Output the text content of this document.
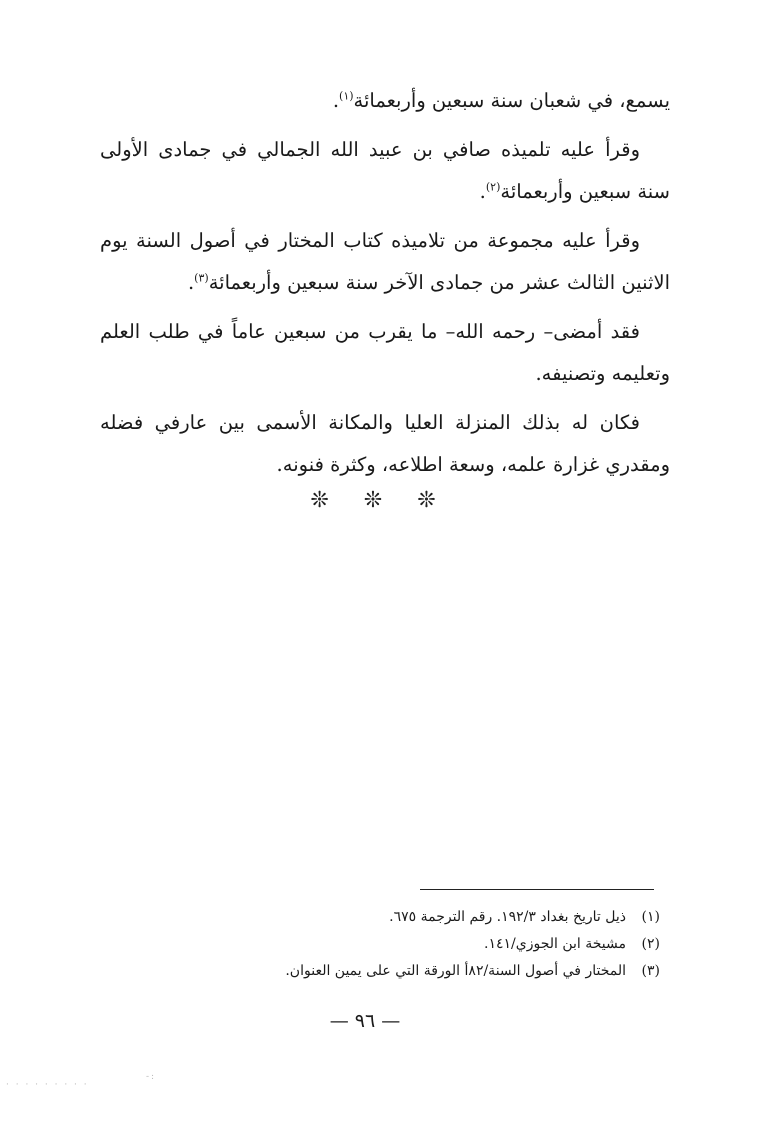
يسمع، في شعبان سنة سبعين وأربعمائة$^{(١)}$.

وقرأ عليه تلميذه صافي بن عبيد الله الجمالي في جمادى الأولى سنة سبعين وأربعمائة$^{(٢)}$.

وقرأ عليه مجموعة من تلاميذه كتاب المختار في أصول السنة يوم الاثنين الثالث عشر من جمادى الآخر سنة سبعين وأربعمائة$^{(٣)}$.

فقد أمضى– رحمه الله– ما يقرب من سبعين عاماً في طلب العلم وتعليمه وتصنيفه.

فكان له بذلك المنزلة العليا والمكانة الأسمى بين عارفي فضله ومقدري غزارة علمه، وسعة اطلاعه، وكثرة فنونه.

❊ ❊ ❊
(١)
ذيل تاريخ بغداد ١٩٢/٣. رقم الترجمة ٦٧٥.
(٢)
مشيخة ابن الجوزي/١٤١.
(٣)
المختار في أصول السنة/٨٢أ الورقة التي على يمين العنوان.
— ٩٦ —
· · · · · · · · ·
-:
